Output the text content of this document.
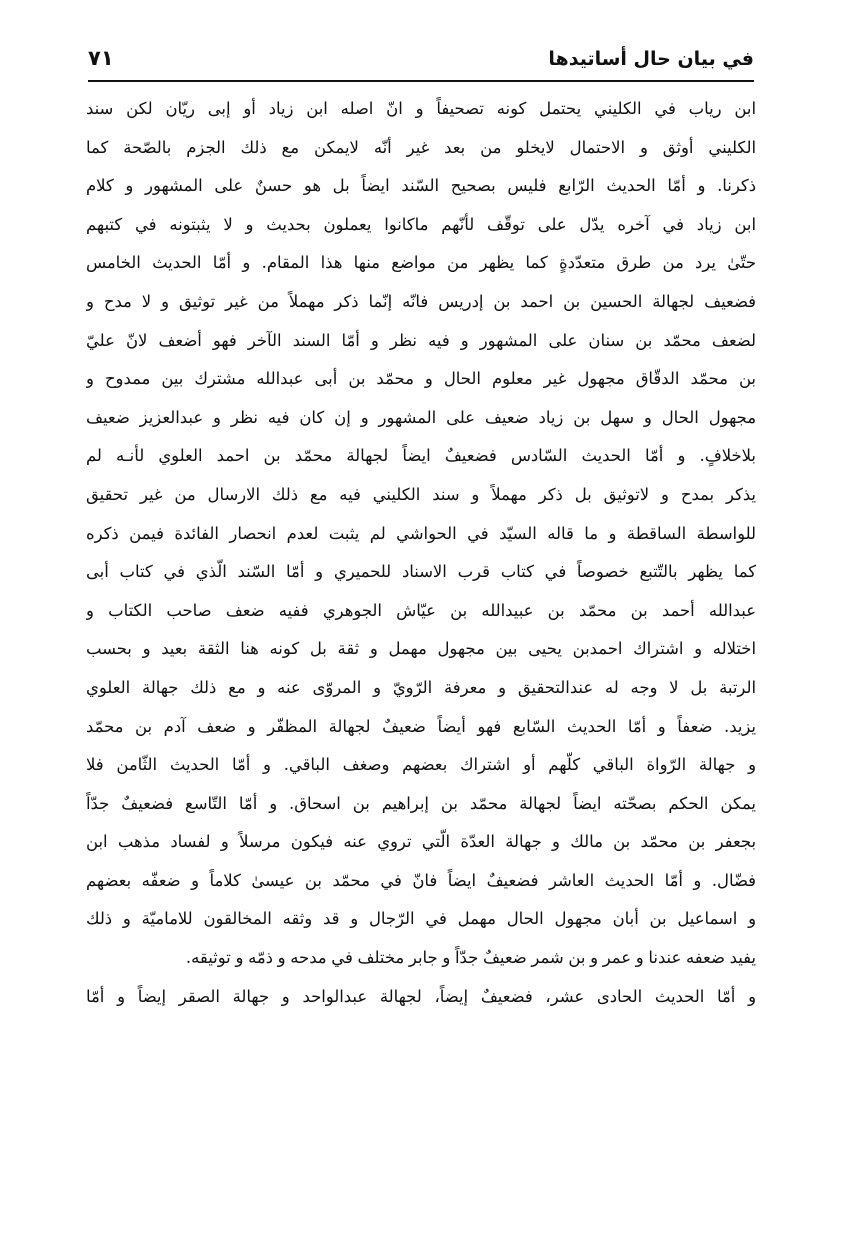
في بيان حال أساتيدها
٧١
ابن رياب في الكليني يحتمل كونه تصحيفاً و انّ اصله ابن زياد أو إبى ريّان لكن سند
الكليني أوثق و الاحتمال لايخلو من بعد غير أنّه لايمكن مع ذلك الجزم بالصّحة كما
ذكرنا. و أمّا الحديث الرّابع فليس بصحيح السّند ايضاً بل هو حسنٌ على المشهور و كلام
ابن زياد في آخره يدّل على توقّف لأنّهم ماكانوا يعملون بحديث و لا يثبتونه في كتبهم
حتّىٰ يرد من طرق متعدّدةٍ كما يظهر من مواضع منها هذا المقام. و أمّا الحديث الخامس
فضعيف لجهالة الحسين بن احمد بن إدريس فانّه إنّما ذكر مهملاً من غير توثيق و لا مدح و
لضعف محمّد بن سنان على المشهور و فيه نظر و أمّا السند الآخر فهو أضعف لانّ عليّ
بن محمّد الدقّاق مجهول غير معلوم الحال و محمّد بن أبى عبدالله مشترك بين ممدوح و
مجهول الحال و سهل بن زياد ضعيف على المشهور و إن كان فيه نظر و عبدالعزيز ضعيف
بلاخلافٍ. و أمّا الحديث السّادس فضعيفٌ ايضاً لجهالة محمّد بن احمد العلوي لأنـه لم
يذكر بمدح و لاتوثيق بل ذكر مهملاً و سند الكليني فيه مع ذلك الارسال من غير تحقيق
للواسطة الساقطة و ما قاله السيّد في الحواشي لم يثبت لعدم انحصار الفائدة فيمن ذكره
كما يظهر بالتّتبع خصوصاً في كتاب قرب الاسناد للحميري و أمّا السّند الّذي في كتاب أبى
عبدالله أحمد بن محمّد بن عبيدالله بن عيّاش الجوهري ففيه ضعف صاحب الكتاب و
اختلاله و اشتراك احمدبن يحيى بين مجهول مهمل و ثقة بل كونه هنا الثقة بعيد و بحسب
الرتبة بل لا وجه له عندالتحقيق و معرفة الرّويّ و المروّى عنه و مع ذلك جهالة العلوي
يزيد. ضعفاً و أمّا الحديث السّابع فهو أيضاً ضعيفٌ لجهالة المظفّر و ضعف آدم بن محمّد
و جهالة الرّواة الباقي كلّهم أو اشتراك بعضهم وصغف الباقي. و أمّا الحديث الثّامن فلا
يمكن الحكم بصحّته ايضاً لجهالة محمّد بن إبراهيم بن اسحاق. و أمّا التّاسع فضعيفٌ جدّاً
بجعفر بن محمّد بن مالك و جهالة العدّة الّتي تروي عنه فيكون مرسلاً و لفساد مذهب ابن
فضّال. و أمّا الحديث العاشر فضعيفٌ ايضاً فانّ في محمّد بن عيسىٰ كلاماً و ضعفّه بعضهم
و اسماعيل بن أبان مجهول الحال مهمل في الرّجال و قد وثقه المخالقون للاماميّة و ذلك
يفيد ضعفه عندنا و عمر و بن شمر ضعيفٌ جدّاً و جابر مختلف في مدحه و ذمّه و توثيقه.
و أمّا الحديث الحادى عشر، فضعيفٌ إيضاً، لجهالة عبدالواحد و جهالة الصقر إيضاً و أمّا
